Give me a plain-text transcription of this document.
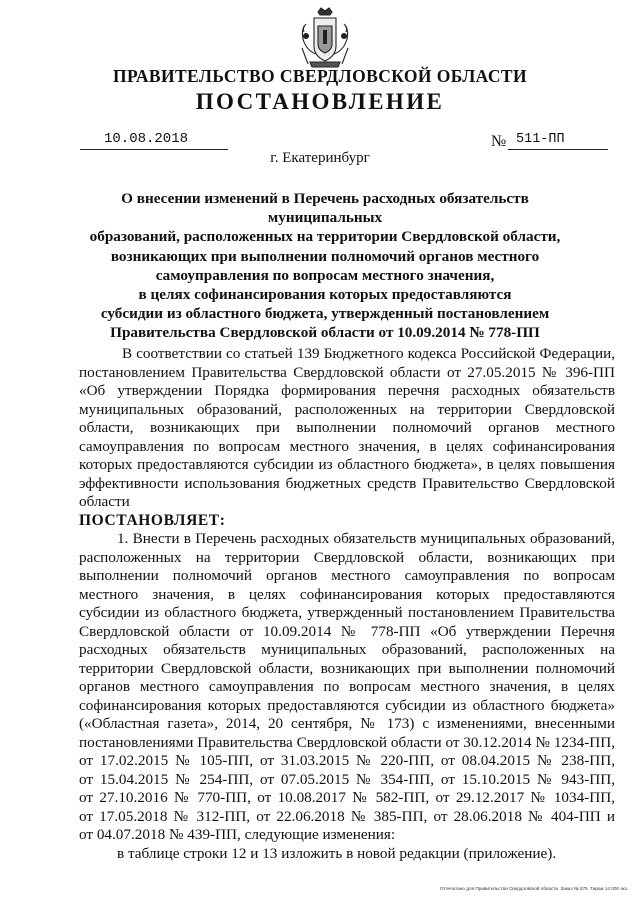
ПРАВИТЕЛЬСТВО СВЕРДЛОВСКОЙ ОБЛАСТИ
ПОСТАНОВЛЕНИЕ
10.08.2018	№ 511-ПП
г. Екатеринбург
О внесении изменений в Перечень расходных обязательств муниципальных
образований, расположенных на территории Свердловской области,
возникающих при выполнении полномочий органов местного
самоуправления по вопросам местного значения,
в целях софинансирования которых предоставляются
субсидии из областного бюджета, утвержденный постановлением
Правительства Свердловской области от 10.09.2014 № 778-ПП
В соответствии со статьей 139 Бюджетного кодекса Российской Федерации,
постановлением Правительства Свердловской области от 27.05.2015 № 396-ПП
«Об утверждении Порядка формирования перечня расходных обязательств
муниципальных образований, расположенных на территории Свердловской
области, возникающих при выполнении полномочий органов местного
самоуправления по вопросам местного значения, в целях софинансирования
которых предоставляются субсидии из областного бюджета», в целях повышения
эффективности использования бюджетных средств Правительство Свердловской
области
ПОСТАНОВЛЯЕТ:
1. Внести в Перечень расходных обязательств муниципальных образований,
расположенных на территории Свердловской области, возникающих при
выполнении полномочий органов местного самоуправления по вопросам
местного значения, в целях софинансирования которых предоставляются
субсидии из областного бюджета, утвержденный постановлением Правительства
Свердловской области от 10.09.2014 № 778-ПП «Об утверждении Перечня
расходных обязательств муниципальных образований, расположенных на
территории Свердловской области, возникающих при выполнении полномочий
органов местного самоуправления по вопросам местного значения, в целях
софинансирования которых предоставляются субсидии из областного бюджета»
(«Областная газета», 2014, 20 сентября, № 173) с изменениями, внесенными
постановлениями Правительства Свердловской области от 30.12.2014 № 1234-ПП,
от 17.02.2015 № 105-ПП, от 31.03.2015 № 220-ПП, от 08.04.2015 № 238-ПП,
от 15.04.2015 № 254-ПП, от 07.05.2015 № 354-ПП, от 15.10.2015 № 943-ПП,
от 27.10.2016 № 770-ПП, от 10.08.2017 № 582-ПП, от 29.12.2017 № 1034-ПП,
от 17.05.2018 № 312-ПП, от 22.06.2018 № 385-ПП, от 28.06.2018 № 404-ПП и
от 04.07.2018 № 439-ПП, следующие изменения:
в таблице строки 12 и 13 изложить в новой редакции (приложение).
Отпечатано для Правительства Свердловской области. Заказ № 575. Тираж 14 000 экз.
